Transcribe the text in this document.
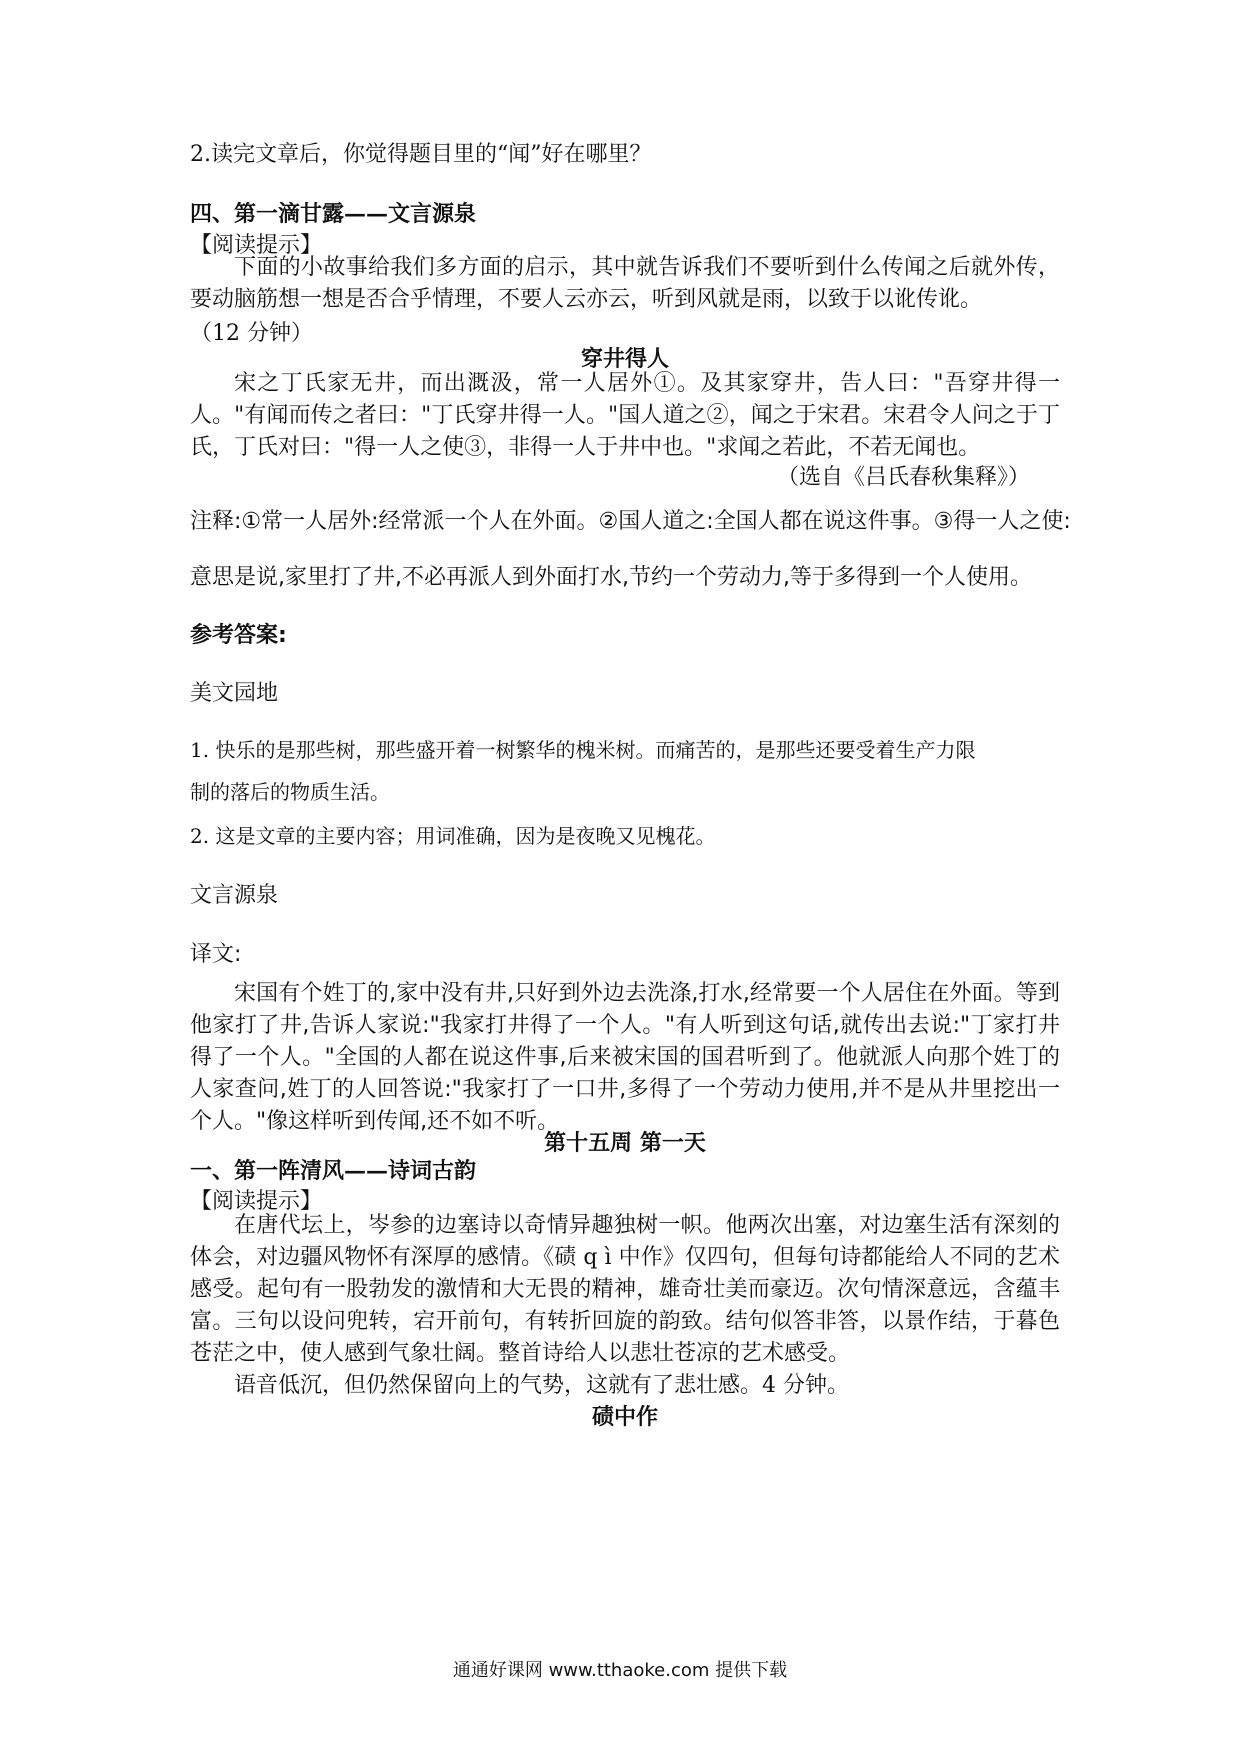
2.读完文章后，你觉得题目里的“闻”好在哪里？

四、第一滴甘露——文言源泉

【阅读提示】

下面的小故事给我们多方面的启示，其中就告诉我们不要听到什么传闻之后就外传，要动脑筋想一想是否合乎情理，不要人云亦云，听到风就是雨，以致于以讹传讹。

（12 分钟）

穿井得人

宋之丁氏家无井，而出溉汲，常一人居外①。及其家穿井，告人曰："吾穿井得一人。"有闻而传之者曰："丁氏穿井得一人。"国人道之②，闻之于宋君。宋君令人问之于丁氏，丁氏对曰："得一人之使③，非得一人于井中也。"求闻之若此，不若无闻也。

（选自《吕氏春秋集释》）

注释:①常一人居外:经常派一个人在外面。②国人道之:全国人都在说这件事。③得一人之使:

意思是说,家里打了井,不必再派人到外面打水,节约一个劳动力,等于多得到一个人使用。

参考答案:

美文园地

1. 快乐的是那些树，那些盛开着一树繁华的槐米树。而痛苦的，是那些还要受着生产力限

制的落后的物质生活。

2. 这是文章的主要内容；用词准确，因为是夜晚又见槐花。

文言源泉

译文:

宋国有个姓丁的,家中没有井,只好到外边去洗涤,打水,经常要一个人居住在外面。等到他家打了井,告诉人家说:"我家打井得了一个人。"有人听到这句话,就传出去说:"丁家打井得了一个人。"全国的人都在说这件事,后来被宋国的国君听到了。他就派人向那个姓丁的人家查问,姓丁的人回答说:"我家打了一口井,多得了一个劳动力使用,并不是从井里挖出一个人。"像这样听到传闻,还不如不听。

第十五周 第一天

一、第一阵清风——诗词古韵

【阅读提示】

在唐代坛上，岑参的边塞诗以奇情异趣独树一帜。他两次出塞，对边塞生活有深刻的体会，对边疆风物怀有深厚的感情。《碛 q ì 中作》仅四句，但每句诗都能给人不同的艺术感受。起句有一股勃发的激情和大无畏的精神，雄奇壮美而豪迈。次句情深意远，含蕴丰富。三句以设问兜转，宕开前句，有转折回旋的韵致。结句似答非答，以景作结，于暮色苍茫之中，使人感到气象壮阔。整首诗给人以悲壮苍凉的艺术感受。

语音低沉，但仍然保留向上的气势，这就有了悲壮感。4 分钟。

碛中作

通通好课网 www.tthaoke.com 提供下载
